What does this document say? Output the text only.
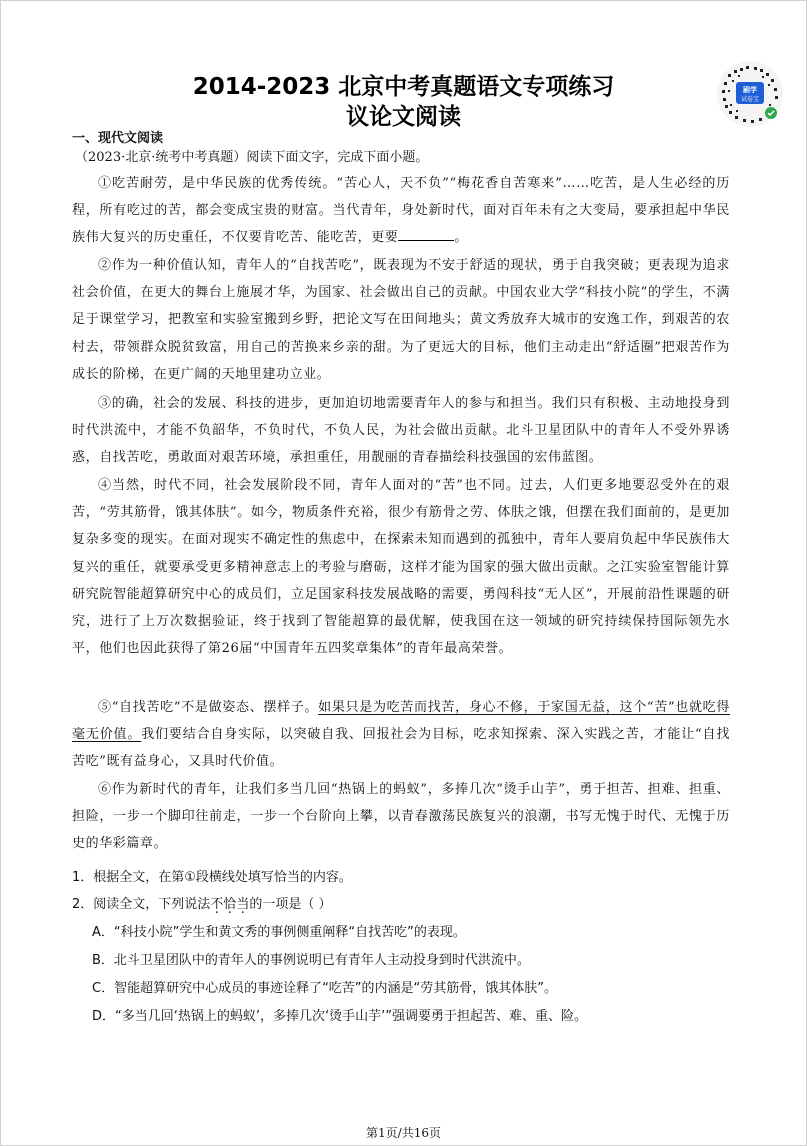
2014-2023 北京中考真题语文专项练习
议论文阅读
刷学
试卷宝
一、现代文阅读
（2023·北京·统考中考真题）阅读下面文字，完成下面小题。

①吃苦耐劳，是中华民族的优秀传统。“苦心人，天不负”“梅花香自苦寒来”……吃苦，是人生必经的历程，所有吃过的苦，都会变成宝贵的财富。当代青年，身处新时代，面对百年未有之大变局，要承担起中华民族伟大复兴的历史重任，不仅要肯吃苦、能吃苦，更要	。

②作为一种价值认知，青年人的“自找苦吃”，既表现为不安于舒适的现状，勇于自我突破；更表现为追求社会价值，在更大的舞台上施展才华，为国家、社会做出自己的贡献。中国农业大学“科技小院”的学生，不满足于课堂学习，把教室和实验室搬到乡野，把论文写在田间地头；黄文秀放弃大城市的安逸工作，到艰苦的农村去，带领群众脱贫致富，用自己的苦换来乡亲的甜。为了更远大的目标，他们主动走出“舒适圈”把艰苦作为成长的阶梯，在更广阔的天地里建功立业。

③的确，社会的发展、科技的进步，更加迫切地需要青年人的参与和担当。我们只有积极、主动地投身到时代洪流中，才能不负韶华，不负时代，不负人民，为社会做出贡献。北斗卫星团队中的青年人不受外界诱惑，自找苦吃，勇敢面对艰苦环境，承担重任，用靓丽的青春描绘科技强国的宏伟蓝图。

④当然，时代不同，社会发展阶段不同，青年人面对的“苦”也不同。过去，人们更多地要忍受外在的艰苦，“劳其筋骨，饿其体肤”。如今，物质条件充裕，很少有筋骨之劳、体肤之饿，但摆在我们面前的，是更加复杂多变的现实。在面对现实不确定性的焦虑中，在探索未知而遇到的孤独中，青年人要肩负起中华民族伟大复兴的重任，就要承受更多精神意志上的考验与磨砺，这样才能为国家的强大做出贡献。之江实验室智能计算研究院智能超算研究中心的成员们，立足国家科技发展战略的需要，勇闯科技“无人区”，开展前沿性课题的研究，进行了上万次数据验证，终于找到了智能超算的最优解，使我国在这一领域的研究持续保持国际领先水平，他们也因此获得了第26届“中国青年五四奖章集体”的青年最高荣誉。

⑤“自找苦吃”不是做姿态、摆样子。如果只是为吃苦而找苦，身心不修，于家国无益，这个“苦”也就吃得毫无价值。我们要结合自身实际，以突破自我、回报社会为目标，吃求知探索、深入实践之苦，才能让“自找苦吃”既有益身心，又具时代价值。

⑥作为新时代的青年，让我们多当几回“热锅上的蚂蚁”，多捧几次“烫手山芋”，勇于担苦、担难、担重、担险，一步一个脚印往前走，一步一个台阶向上攀，以青春激荡民族复兴的浪潮，书写无愧于时代、无愧于历史的华彩篇章。

1．根据全文，在第①段横线处填写恰当的内容。
2．阅读全文，下列说法不恰当的一项是（ ）
A．“科技小院”学生和黄文秀的事例侧重阐释“自找苦吃”的表现。
B．北斗卫星团队中的青年人的事例说明已有青年人主动投身到时代洪流中。
C．智能超算研究中心成员的事迹诠释了“吃苦”的内涵是“劳其筋骨，饿其体肤”。
D．“多当几回‘热锅上的蚂蚁’，多捧几次‘烫手山芋’”强调要勇于担起苦、难、重、险。
第1页/共16页
